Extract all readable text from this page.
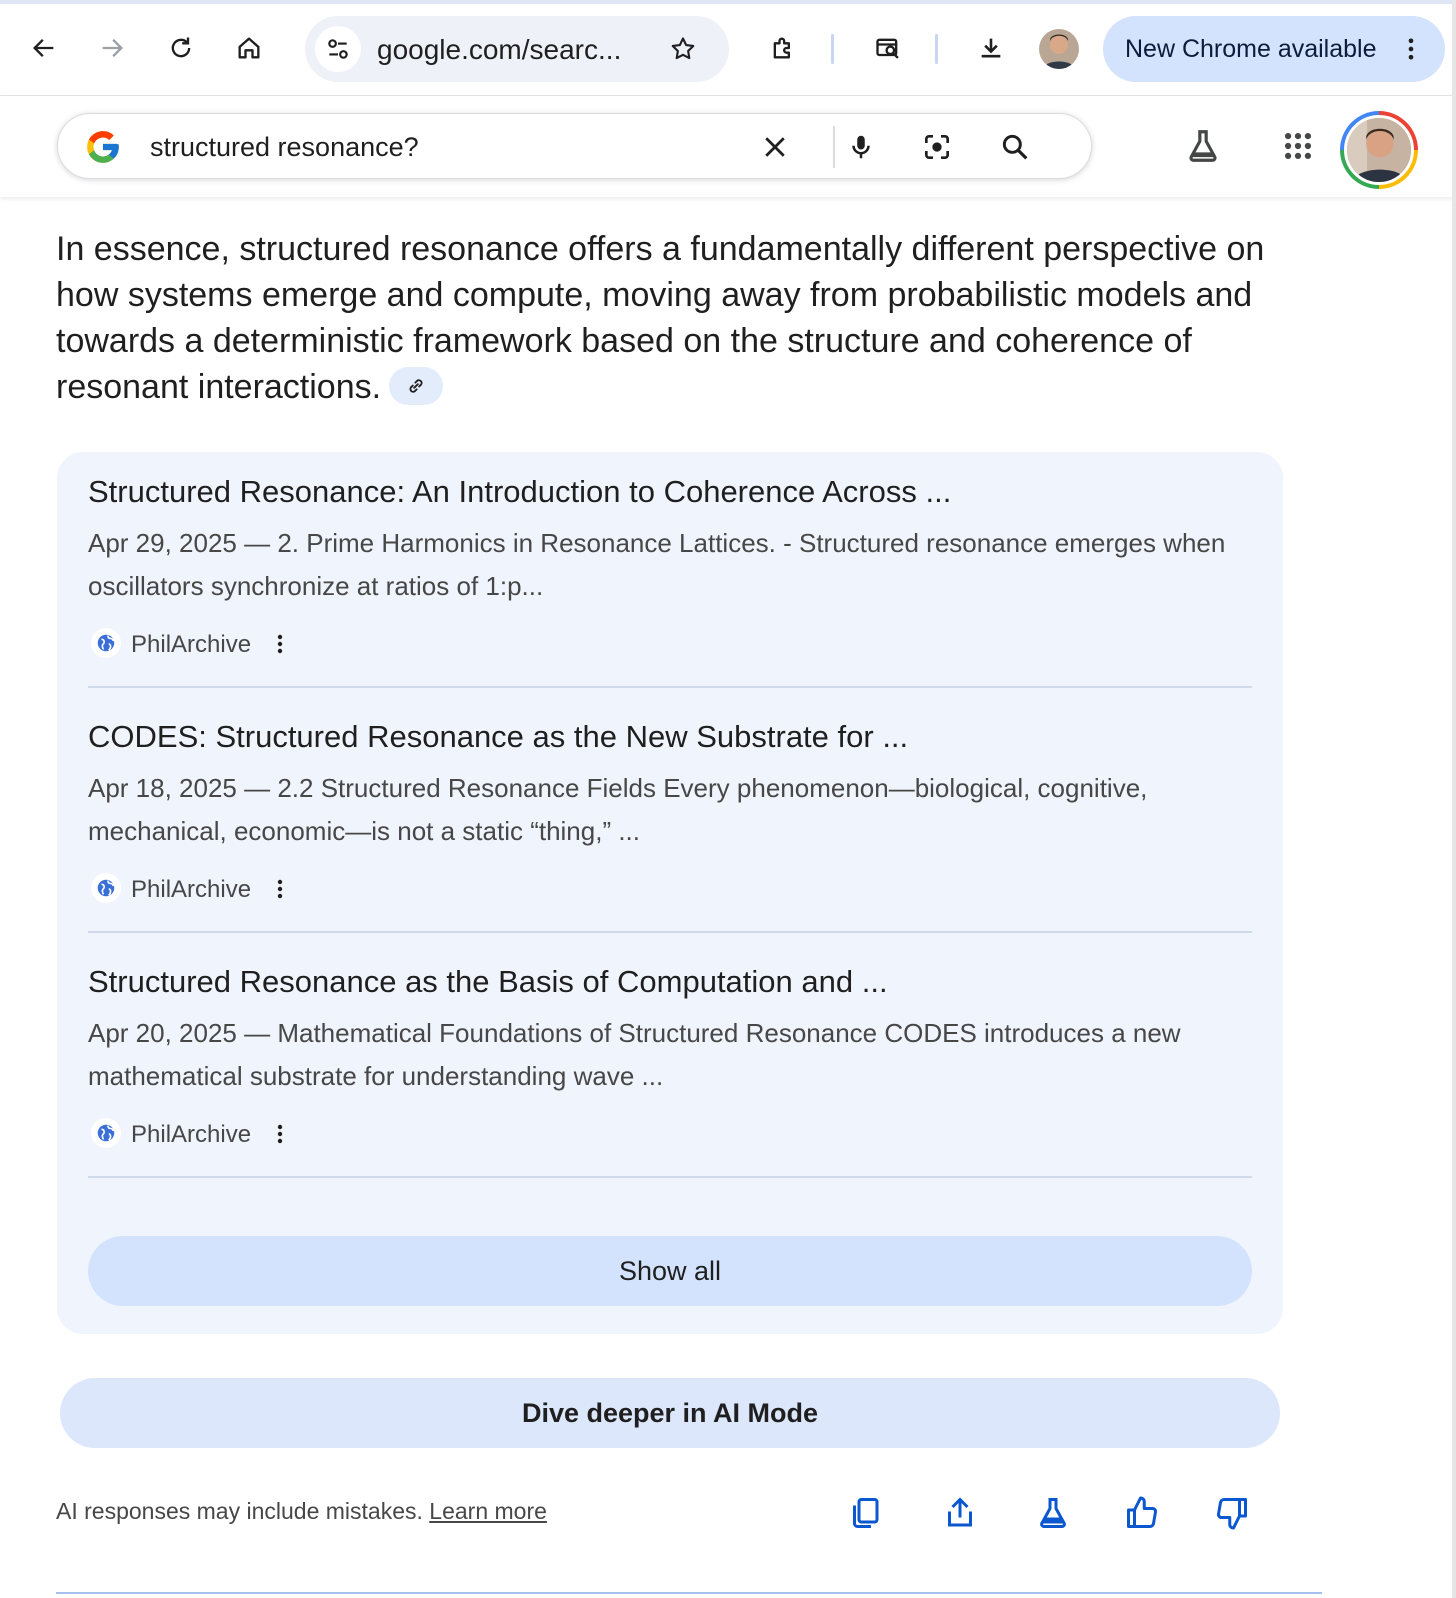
google.com/searc...	New Chrome available
structured resonance?

In essence, structured resonance offers a fundamentally different perspective on how systems emerge and compute, moving away from probabilistic models and towards a deterministic framework based on the structure and coherence of resonant interactions.

Structured Resonance: An Introduction to Coherence Across ...
Apr 29, 2025 — 2. Prime Harmonics in Resonance Lattices. - Structured resonance emerges when oscillators synchronize at ratios of 1:p...
PhilArchive
CODES: Structured Resonance as the New Substrate for ...
Apr 18, 2025 — 2.2 Structured Resonance Fields Every phenomenon—biological, cognitive, mechanical, economic—is not a static “thing,” ...
PhilArchive
Structured Resonance as the Basis of Computation and ...
Apr 20, 2025 — Mathematical Foundations of Structured Resonance CODES introduces a new mathematical substrate for understanding wave ...
PhilArchive
Show all
Dive deeper in AI Mode
AI responses may include mistakes. Learn more
